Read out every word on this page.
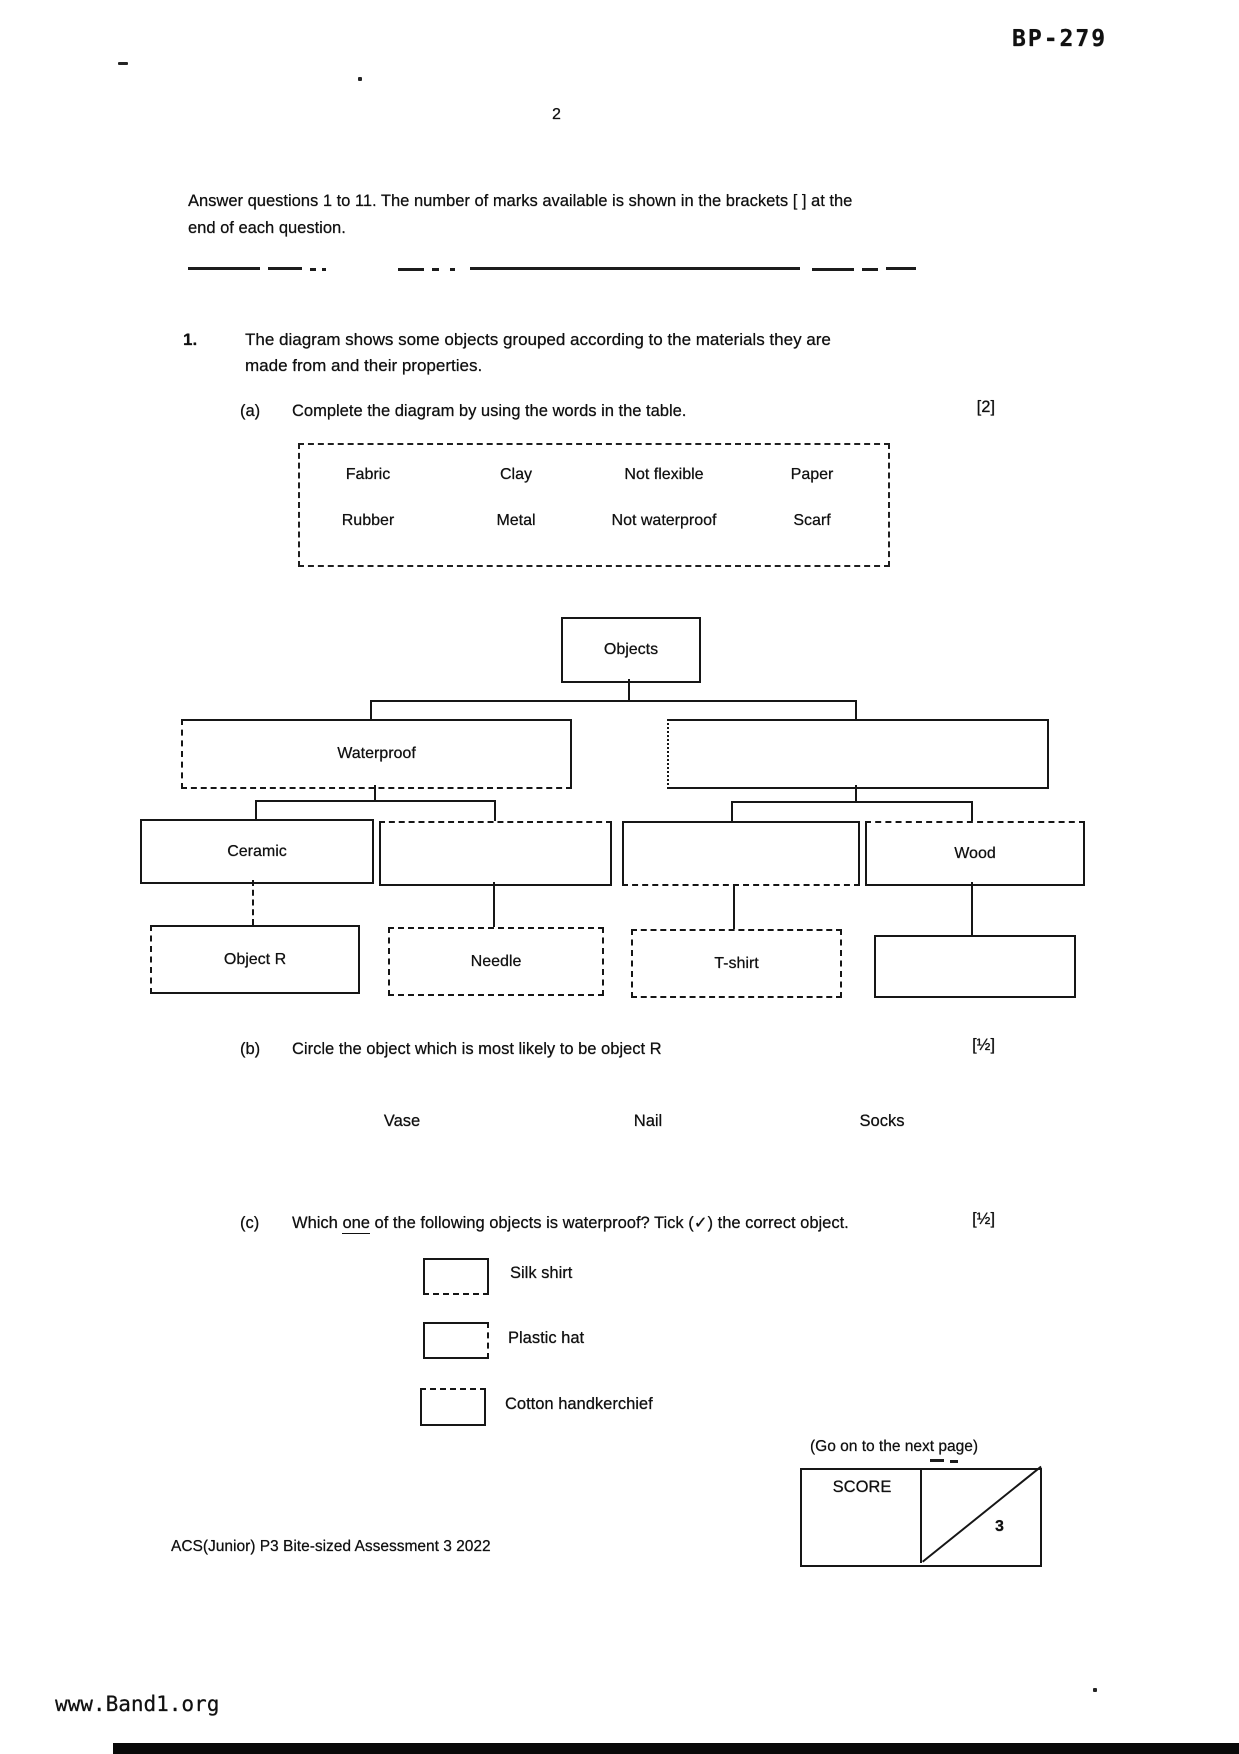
BP-279
2
Answer questions 1 to 11. The number of marks available is shown in the brackets [ ] at the
end of each question.
1.	The diagram shows some objects grouped according to the materials they are
made from and their properties.
(a) Complete the diagram by using the words in the table.	[2]
Fabric	Clay	Not flexible	Paper
Rubber	Metal	Not waterproof	Scarf
Objects
Waterproof
Ceramic	Wood
Object R	Needle	T-shirt
(b) Circle the object which is most likely to be object R	[½]
Vase	Nail	Socks
(c) Which one of the following objects is waterproof? Tick (✓) the correct object.	[½]
Silk shirt
Plastic hat
Cotton handkerchief
(Go on to the next page)
SCORE
3
ACS(Junior) P3 Bite-sized Assessment 3 2022
www.Band1.org
